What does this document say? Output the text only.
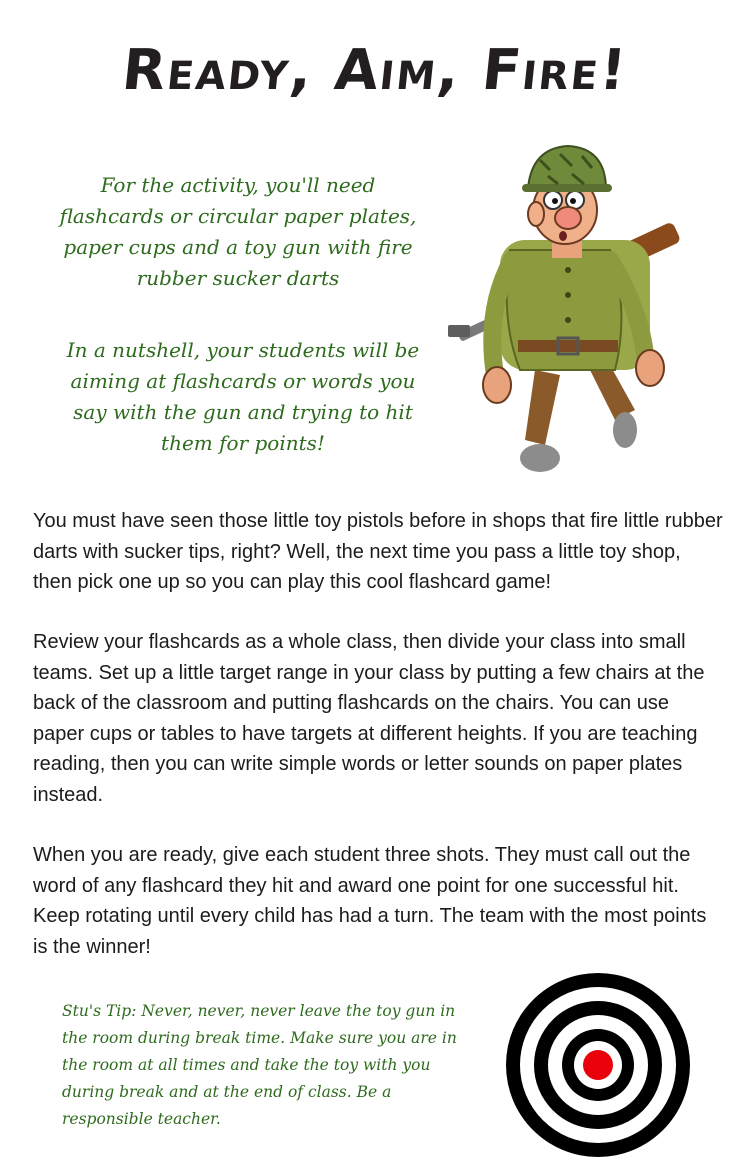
Ready, Aim, Fire!
For the activity, you'll need flashcards or circular paper plates, paper cups and a toy gun with fire rubber sucker darts
In a nutshell, your students will be aiming at flashcards or words you say with the gun and trying to hit them for points!

You must have seen those little toy pistols before in shops that fire little rubber darts with sucker tips, right? Well, the next time you pass a little toy shop, then pick one up so you can play this cool flashcard game!

Review your flashcards as a whole class, then divide your class into small teams. Set up a little target range in your class by putting a few chairs at the back of the classroom and putting flashcards on the chairs. You can use paper cups or tables to have targets at different heights. If you are teaching reading, then you can write simple words or letter sounds on paper plates instead.

When you are ready, give each student three shots. They must call out the word of any flashcard they hit and award one point for one successful hit. Keep rotating until every child has had a turn. The team with the most points is the winner!

Stu's Tip: Never, never, never leave the toy gun in the room during break time. Make sure you are in the room at all times and take the toy with you during break and at the end of class. Be a responsible teacher.
